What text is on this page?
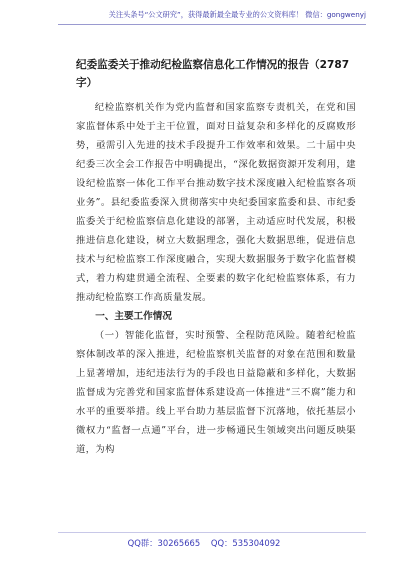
关注头条号“公文研究”，获得最新最全最专业的公文资料库！ 微信：gongwenyj

纪委监委关于推动纪检监察信息化工作情况的报告（2787字）

纪检监察机关作为党内监督和国家监察专责机关，在党和国家监督体系中处于主干位置，面对日益复杂和多样化的反腐败形势，亟需引入先进的技术手段提升工作效率和效果。二十届中央纪委三次全会工作报告中明确提出，“深化数据资源开发利用，建设纪检监察一体化工作平台推动数字技术深度融入纪检监察各项业务”。县纪委监委深入贯彻落实中央纪委国家监委和县、市纪委监委关于纪检监察信息化建设的部署，主动适应时代发展，积极推进信息化建设，树立大数据理念，强化大数据思维，促进信息技术与纪检监察工作深度融合，实现大数据服务于数字化监督模式，着力构建贯通全流程、全要素的数字化纪检监察体系，有力推动纪检监察工作高质量发展。

一、主要工作情况

（一）智能化监督，实时预警、全程防范风险。随着纪检监察体制改革的深入推进，纪检监察机关监督的对象在范围和数量上显著增加，违纪违法行为的手段也日益隐蔽和多样化，大数据监督成为完善党和国家监督体系建设高一体推进“三不腐”能力和水平的重要举措。线上平台助力基层监督下沉落地，依托基层小微权力“监督一点通”平台，进一步畅通民生领域突出问题反映渠道，为构

QQ群：30265665 QQ：535304092
